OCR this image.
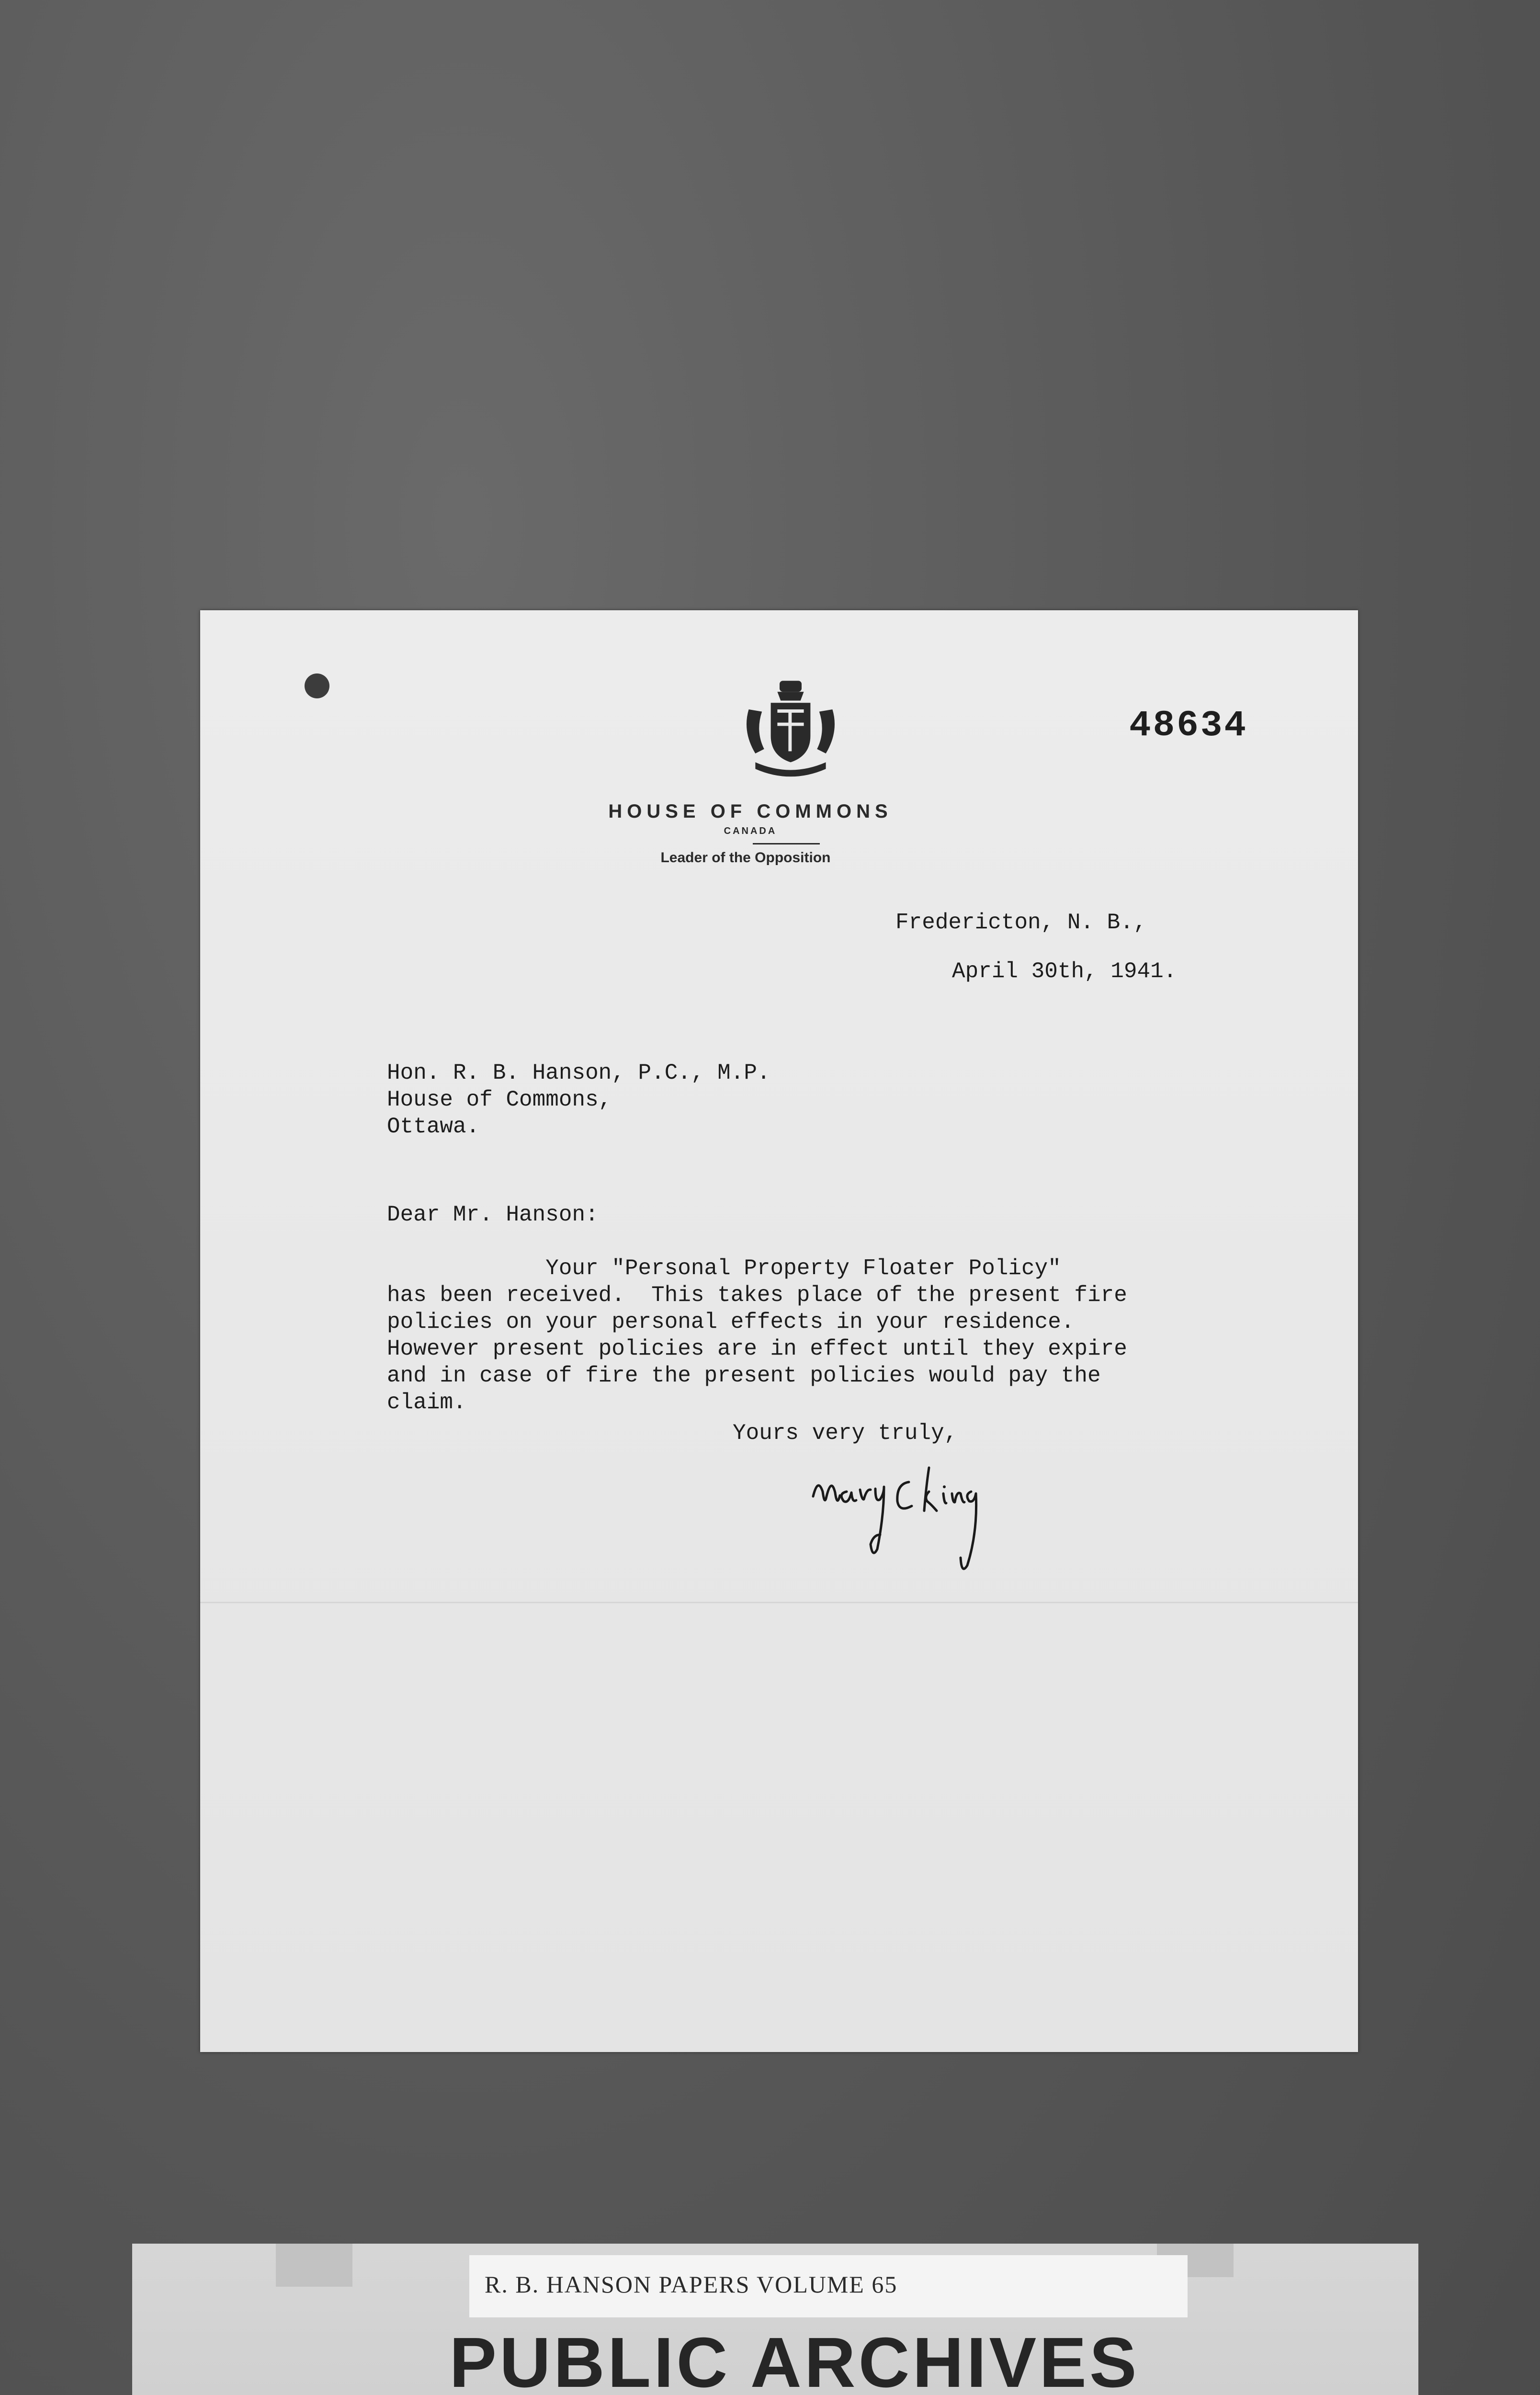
48634
HOUSE OF COMMONS
CANADA
Leader of the Opposition
Fredericton, N. B.,
April 30th, 1941.
Hon. R. B. Hanson, P.C., M.P.
House of Commons,
Ottawa.
Dear Mr. Hanson:
Your "Personal Property Floater Policy"
has been received.  This takes place of the present fire
policies on your personal effects in your residence.
However present policies are in effect until they expire
and in case of fire the present policies would pay the
claim.
Yours very truly,
R. B. HANSON PAPERS VOLUME 65
PUBLIC ARCHIVES
